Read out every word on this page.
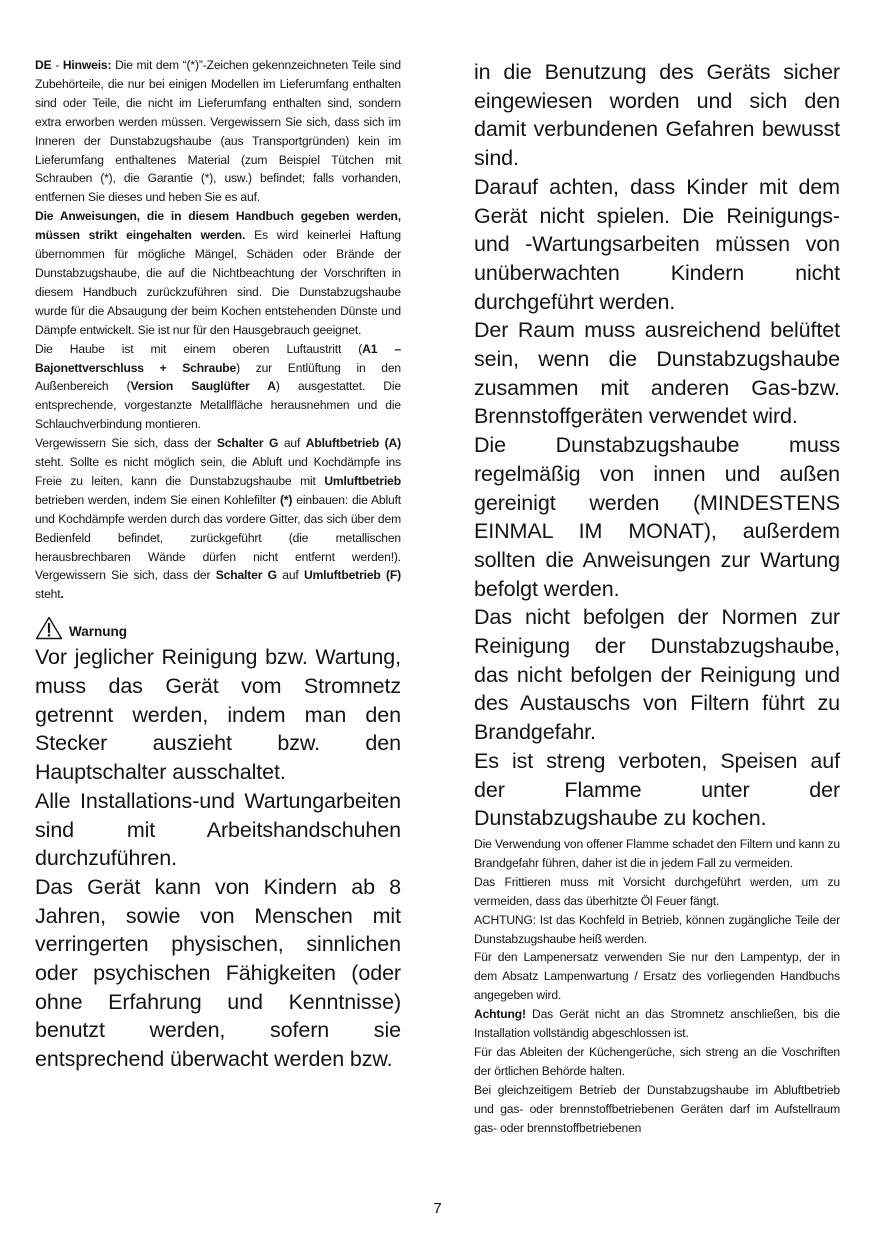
DE - Hinweis: Die mit dem “(*)”-Zeichen gekennzeichneten Teile sind Zubehörteile, die nur bei einigen Modellen im Lieferumfang enthalten sind oder Teile, die nicht im Lieferumfang enthalten sind, sondern extra erworben werden müssen. Vergewissern Sie sich, dass sich im Inneren der Dunstabzugshaube (aus Transportgründen) kein im Lieferumfang enthaltenes Material (zum Beispiel Tütchen mit Schrauben (*), die Garantie (*), usw.) befindet; falls vorhanden, entfernen Sie dieses und heben Sie es auf.

Die Anweisungen, die in diesem Handbuch gegeben werden, müssen strikt eingehalten werden. Es wird keinerlei Haftung übernommen für mögliche Mängel, Schäden oder Brände der Dunstabzugshaube, die auf die Nichtbeachtung der Vorschriften in diesem Handbuch zurückzuführen sind. Die Dunstabzugshaube wurde für die Absaugung der beim Kochen entstehenden Dünste und Dämpfe entwickelt. Sie ist nur für den Hausgebrauch geeignet.

Die Haube ist mit einem oberen Luftaustritt (A1 – Bajonettverschluss + Schraube) zur Entlüftung in den Außenbereich (Version Sauglüfter A) ausgestattet. Die entsprechende, vorgestanzte Metallfläche herausnehmen und die Schlauchverbindung montieren.

Vergewissern Sie sich, dass der Schalter G auf Abluftbetrieb (A) steht. Sollte es nicht möglich sein, die Abluft und Kochdämpfe ins Freie zu leiten, kann die Dunstabzugshaube mit Umluftbetrieb betrieben werden, indem Sie einen Kohlefilter (*) einbauen: die Abluft und Kochdämpfe werden durch das vordere Gitter, das sich über dem Bedienfeld befindet, zurückgeführt (die metallischen herausbrechbaren Wände dürfen nicht entfernt werden!). Vergewissern Sie sich, dass der Schalter G auf Umluftbetrieb (F) steht.

Warnung

Vor jeglicher Reinigung bzw. Wartung, muss das Gerät vom Stromnetz getrennt werden, indem man den Stecker auszieht bzw. den Hauptschalter ausschaltet.

Alle Installations-und Wartungarbeiten sind mit Arbeitshandschuhen durchzuführen.

Das Gerät kann von Kindern ab 8 Jahren, sowie von Menschen mit verringerten physischen, sinnlichen oder psychischen Fähigkeiten (oder ohne Erfahrung und Kenntnisse) benutzt werden, sofern sie entsprechend überwacht werden bzw.

in die Benutzung des Geräts sicher eingewiesen worden und sich den damit verbundenen Gefahren bewusst sind.

Darauf achten, dass Kinder mit dem Gerät nicht spielen. Die Reinigungs- und -Wartungsarbeiten müssen von unüberwachten Kindern nicht durchgeführt werden.

Der Raum muss ausreichend belüftet sein, wenn die Dunstabzugshaube zusammen mit anderen Gas-bzw. Brennstoffgeräten verwendet wird.

Die Dunstabzugshaube muss regelmäßig von innen und außen gereinigt werden (MINDESTENS EINMAL IM MONAT), außerdem sollten die Anweisungen zur Wartung befolgt werden.

Das nicht befolgen der Normen zur Reinigung der Dunstabzugshaube, das nicht befolgen der Reinigung und des Austauschs von Filtern führt zu Brandgefahr.

Es ist streng verboten, Speisen auf der Flamme unter der Dunstabzugshaube zu kochen.

Die Verwendung von offener Flamme schadet den Filtern und kann zu Brandgefahr führen, daher ist die in jedem Fall zu vermeiden.

Das Frittieren muss mit Vorsicht durchgeführt werden, um zu vermeiden, dass das überhitzte Öl Feuer fängt.

ACHTUNG: Ist das Kochfeld in Betrieb, können zugängliche Teile der Dunstabzugshaube heiß werden.

Für den Lampenersatz verwenden Sie nur den Lampentyp, der in dem Absatz Lampenwartung / Ersatz des vorliegenden Handbuchs angegeben wird.

Achtung! Das Gerät nicht an das Stromnetz anschließen, bis die Installation vollständig abgeschlossen ist.

Für das Ableiten der Küchengerüche, sich streng an die Voschriften der örtlichen Behörde halten.

Bei gleichzeitigem Betrieb der Dunstabzugshaube im Abluftbetrieb und gas- oder brennstoffbetriebenen Geräten darf im Aufstellraum gas- oder brennstoffbetriebenen

7
